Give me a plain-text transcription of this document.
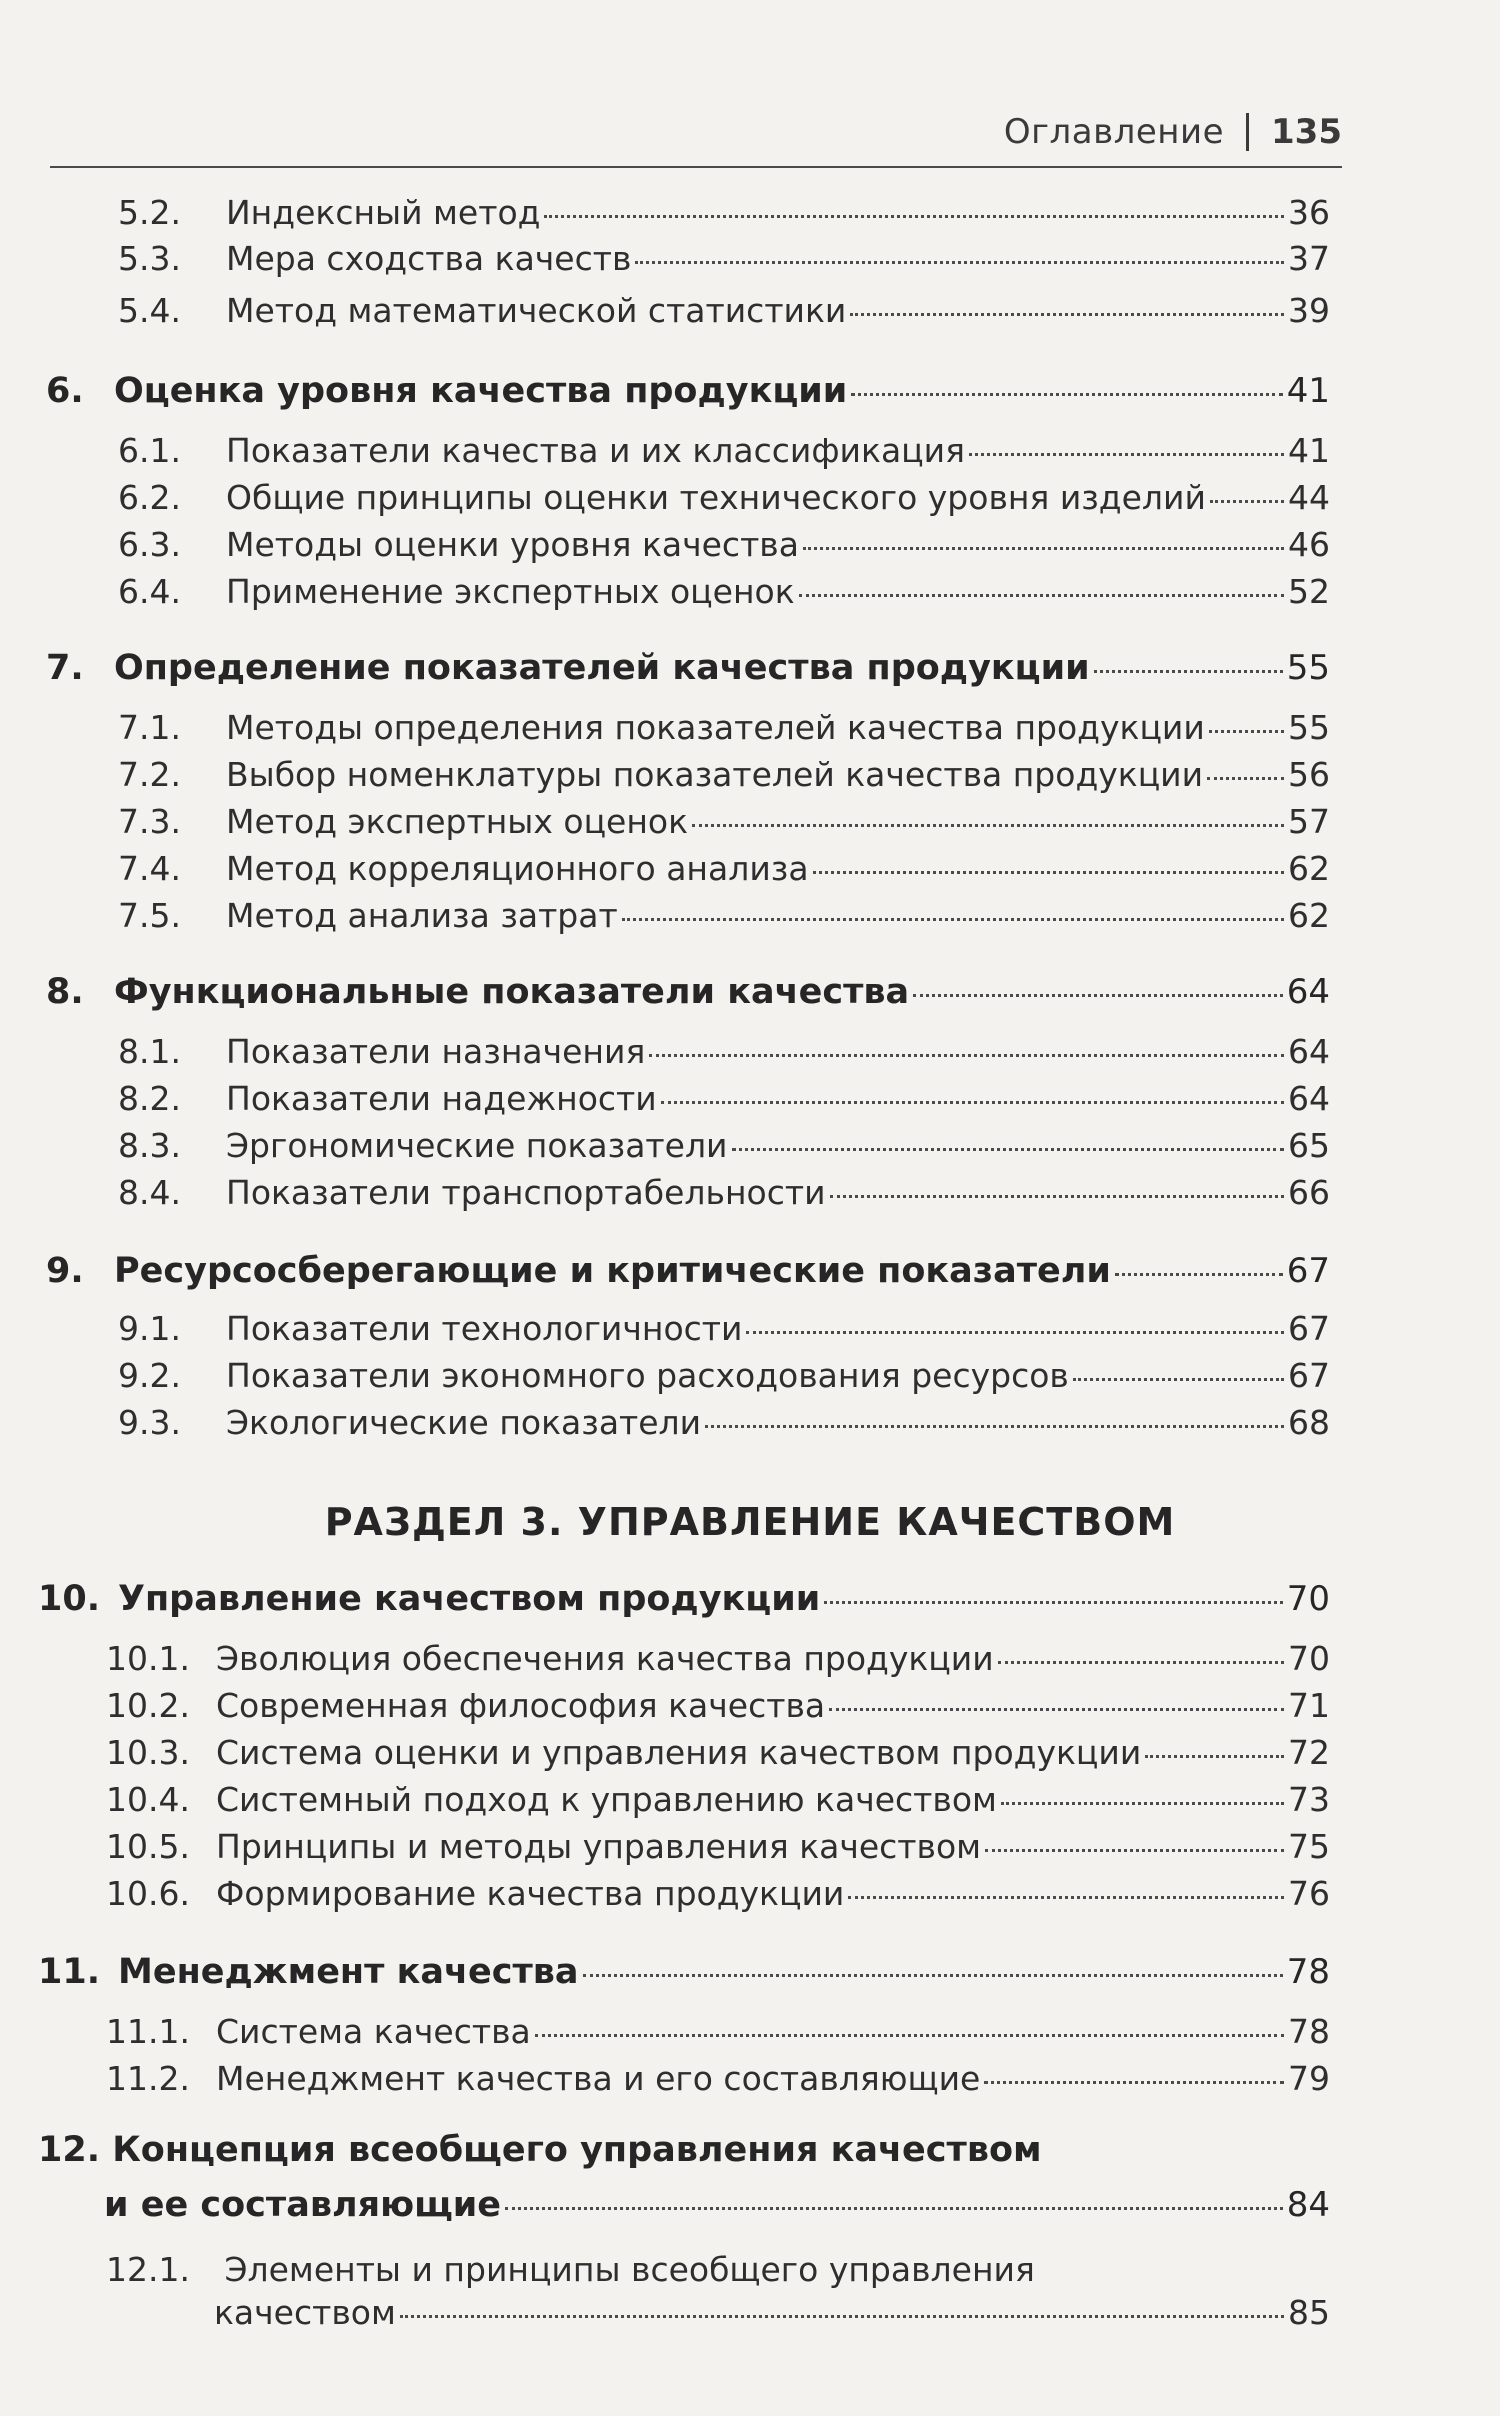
Оглавление 135
5.2. Индексный метод	36
5.3. Мера сходства качеств	37
5.4. Метод математической статистики	39
6. Оценка уровня качества продукции	41
6.1. Показатели качества и их классификация	41
6.2. Общие принципы оценки технического уровня изделий 44
6.3. Методы оценки уровня качества	46
6.4. Применение экспертных оценок	52
7. Определение показателей качества продукции	55
7.1. Методы определения показателей качества продукции	55
7.2. Выбор номенклатуры показателей качества продукции	56
7.3. Метод экспертных оценок	57
7.4. Метод корреляционного анализа	62
7.5. Метод анализа затрат	62
8. Функциональные показатели качества	64
8.1. Показатели назначения	64
8.2. Показатели надежности	64
8.3. Эргономические показатели	65
8.4. Показатели транспортабельности	66
9. Ресурсосберегающие и критические показатели	67
9.1. Показатели технологичности	67
9.2. Показатели экономного расходования ресурсов	67
9.3. Экологические показатели	68
10. Управление качеством продукции	70
10.1. Эволюция обеспечения качества продукции	70
10.2. Современная философия качества	71
10.3. Система оценки и управления качеством продукции	72
10.4. Системный подход к управлению качеством	73
10.5. Принципы и методы управления качеством	75
10.6. Формирование качества продукции	76
11. Менеджмент качества	78
11.1. Система качества	78
11.2. Менеджмент качества и его составляющие	79
РАЗДЕЛ 3. УПРАВЛЕНИЕ КАЧЕСТВОМ
12. Концепция всеобщего управления качеством
и ее составляющие	84
12.1. Элементы и принципы всеобщего управления
качеством	85
